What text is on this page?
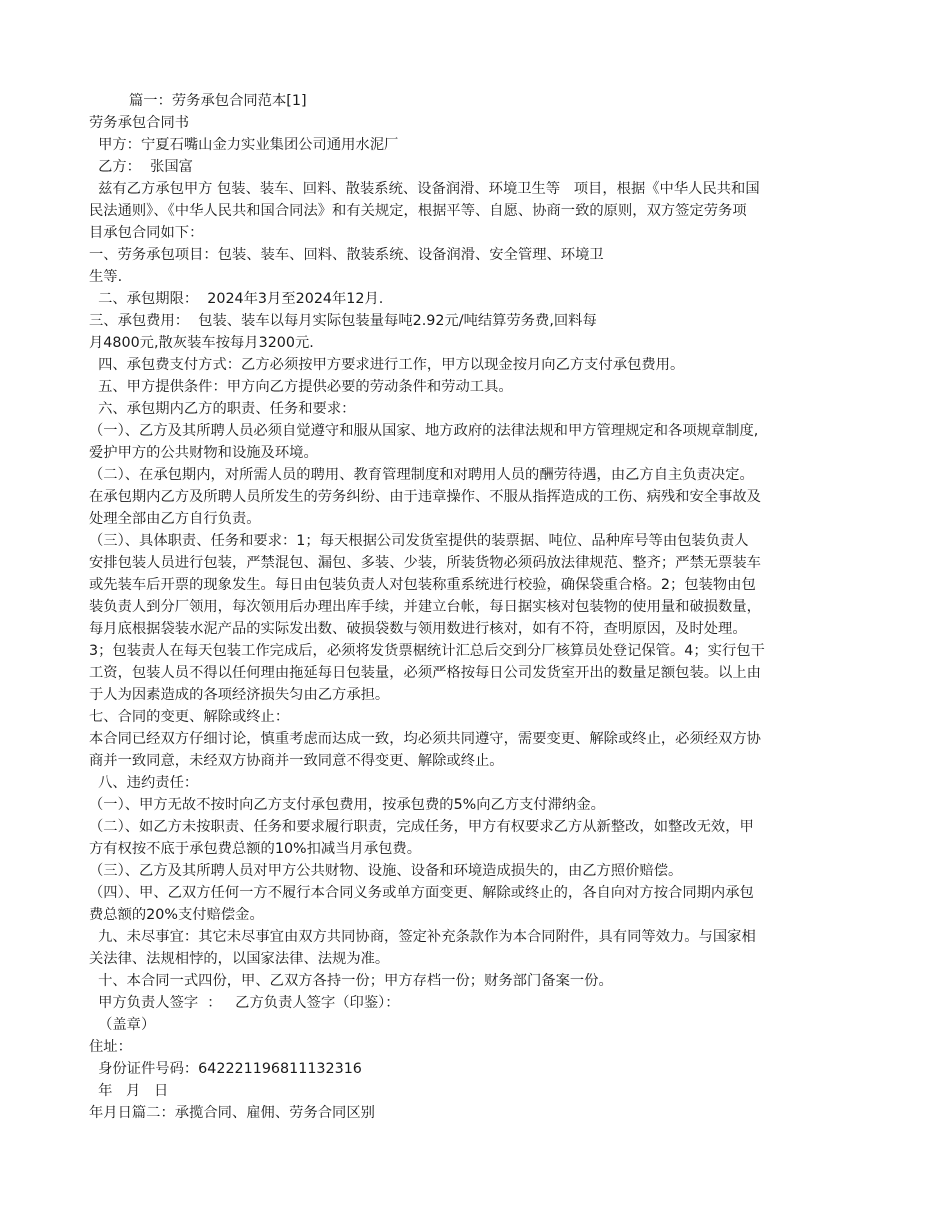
篇一：劳务承包合同范本[1]
劳务承包合同书
甲方：宁夏石嘴山金力实业集团公司通用水泥厂
乙方：  张国富
兹有乙方承包甲方 包装、装车、回料、散装系统、设备润滑、环境卫生等   项目，根据《中华人民共和国
民法通则》、《中华人民共和国合同法》和有关规定，根据平等、自愿、协商一致的原则，双方签定劳务项
目承包合同如下：
一、劳务承包项目：包装、装车、回料、散装系统、设备润滑、安全管理、环境卫
生等.
二、承包期限：  2024年3月至2024年12月.
三、承包费用：  包装、装车以每月实际包装量每吨2.92元/吨结算劳务费,回料每
月4800元,散灰装车按每月3200元.
四、承包费支付方式：乙方必须按甲方要求进行工作，甲方以现金按月向乙方支付承包费用。
五、甲方提供条件：甲方向乙方提供必要的劳动条件和劳动工具。
六、承包期内乙方的职责、任务和要求：
（一）、乙方及其所聘人员必须自觉遵守和服从国家、地方政府的法律法规和甲方管理规定和各项规章制度,
爱护甲方的公共财物和设施及环境。
（二）、在承包期内，对所需人员的聘用、教育管理制度和对聘用人员的酬劳待遇，由乙方自主负责决定。
在承包期内乙方及所聘人员所发生的劳务纠纷、由于违章操作、不服从指挥造成的工伤、病残和安全事故及
处理全部由乙方自行负责。
（三）、具体职责、任务和要求：1；每天根据公司发货室提供的装票据、吨位、品种库号等由包装负责人
安排包装人员进行包装，严禁混包、漏包、多装、少装，所装货物必须码放法律规范、整齐；严禁无票装车
或先装车后开票的现象发生。每日由包装负责人对包装称重系统进行校验，确保袋重合格。2；包装物由包
装负责人到分厂领用，每次领用后办理出库手续，并建立台帐，每日据实核对包装物的使用量和破损数量，
每月底根据袋装水泥产品的实际发出数、破损袋数与领用数进行核对，如有不符，查明原因，及时处理。
3；包装责人在每天包装工作完成后，必须将发货票椐统计汇总后交到分厂核算员处登记保管。4；实行包干
工资，包装人员不得以任何理由拖延每日包装量，必须严格按每日公司发货室开出的数量足额包装。以上由
于人为因素造成的各项经济损失匀由乙方承担。
七、合同的变更、解除或终止：
本合同已经双方仔细讨论，慎重考虑而达成一致，均必须共同遵守，需要变更、解除或终止，必须经双方协
商并一致同意，未经双方协商并一致同意不得变更、解除或终止。
八、违约责任：
（一）、甲方无故不按时向乙方支付承包费用，按承包费的5%向乙方支付滞纳金。
（二）、如乙方未按职责、任务和要求履行职责，完成任务，甲方有权要求乙方从新整改，如整改无效，甲
方有权按不底于承包费总额的10%扣减当月承包费。
（三）、乙方及其所聘人员对甲方公共财物、设施、设备和环境造成损失的，由乙方照价赔偿。
（四）、甲、乙双方任何一方不履行本合同义务或单方面变更、解除或终止的，各自向对方按合同期内承包
费总额的20%支付赔偿金。
九、未尽事宜：其它未尽事宜由双方共同协商，签定补充条款作为本合同附件，具有同等效力。与国家相
关法律、法规相悖的，以国家法律、法规为准。
十、本合同一式四份，甲、乙双方各持一份；甲方存档一份；财务部门备案一份。
甲方负责人签字  ：   乙方负责人签字（印鉴）：
（盖章）
住址：
身份证件号码：642221196811132316
年   月   日
年月日篇二：承揽合同、雇佣、劳务合同区别
